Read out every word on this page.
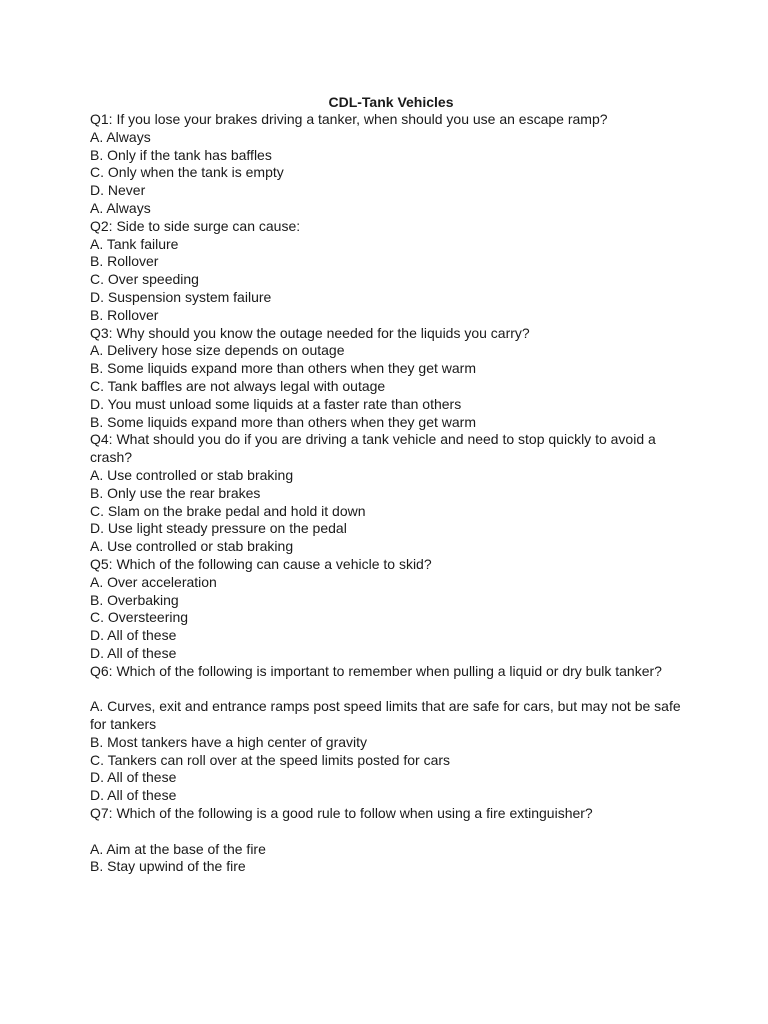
CDL-Tank Vehicles

Q1: If you lose your brakes driving a tanker, when should you use an escape ramp?

A. Always

B. Only if the tank has baffles

C. Only when the tank is empty

D. Never

A. Always

Q2: Side to side surge can cause:

A. Tank failure

B. Rollover

C. Over speeding

D. Suspension system failure

B. Rollover

Q3: Why should you know the outage needed for the liquids you carry?

A. Delivery hose size depends on outage

B. Some liquids expand more than others when they get warm

C. Tank baffles are not always legal with outage

D. You must unload some liquids at a faster rate than others

B. Some liquids expand more than others when they get warm

Q4: What should you do if you are driving a tank vehicle and need to stop quickly to avoid a crash?

A. Use controlled or stab braking

B. Only use the rear brakes

C. Slam on the brake pedal and hold it down

D. Use light steady pressure on the pedal

A. Use controlled or stab braking

Q5: Which of the following can cause a vehicle to skid?

A. Over acceleration

B. Overbaking

C. Oversteering

D. All of these

D. All of these

Q6: Which of the following is important to remember when pulling a liquid or dry bulk tanker?

A. Curves, exit and entrance ramps post speed limits that are safe for cars, but may not be safe for tankers

B. Most tankers have a high center of gravity

C. Tankers can roll over at the speed limits posted for cars

D. All of these

D. All of these

Q7: Which of the following is a good rule to follow when using a fire extinguisher?

A. Aim at the base of the fire

B. Stay upwind of the fire
